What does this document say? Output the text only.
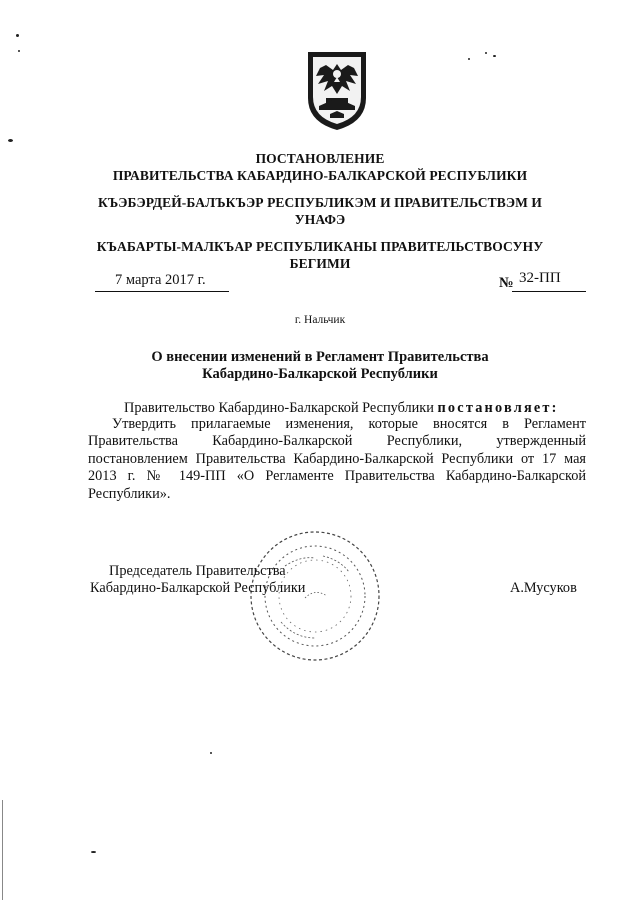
ПОСТАНОВЛЕНИЕ
ПРАВИТЕЛЬСТВА КАБАРДИНО-БАЛКАРСКОЙ РЕСПУБЛИКИ
КЪЭБЭРДЕЙ-БАЛЪКЪЭР РЕСПУБЛИКЭМ И ПРАВИТЕЛЬСТВЭМ И
УНАФЭ
КЪАБАРТЫ-МАЛКЪАР РЕСПУБЛИКАНЫ ПРАВИТЕЛЬСТВОСУНУ
БЕГИМИ
7 марта 2017 г.	№ 32-ПП
г. Нальчик
О внесении изменений в Регламент Правительства
Кабардино-Балкарской Республики
Правительство Кабардино-Балкарской Республики постановляет:
Утвердить прилагаемые изменения, которые вносятся в Регламент Правительства Кабардино-Балкарской Республики, утвержденный постановлением Правительства Кабардино-Балкарской Республики от 17 мая 2013 г. № 149-ПП «О Регламенте Правительства Кабардино-Балкарской Республики».
Председатель Правительства
Кабардино-Балкарской Республики	А.Мусуков
